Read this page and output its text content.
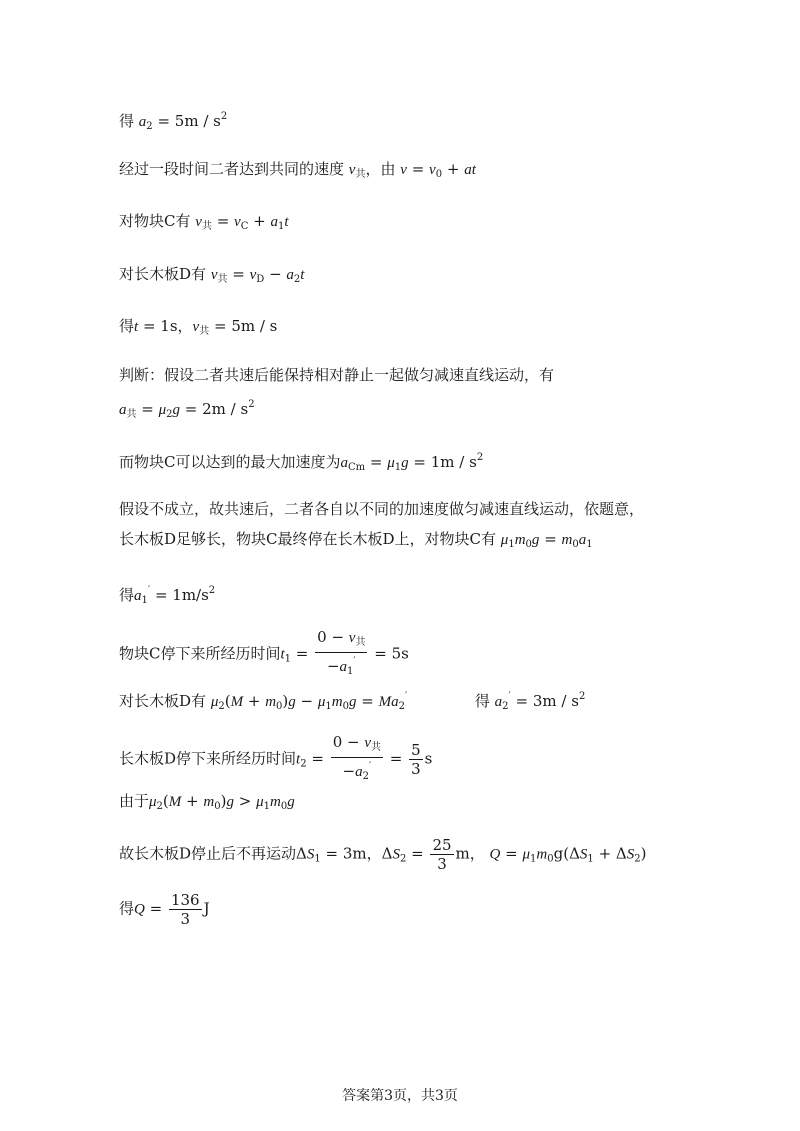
得 $a_2 = 5m / s^2$
经过一段时间二者达到共同的速度 $v_共$，由 $v = v_0$ + at
对物块C有 $v_共 = v_C + a_1t$
对长木板D有 $v_共 = v_D - a_2t$
得t = 1s，$v_共 = 5m / s$
判断：假设二者共速后能保持相对静止一起做匀减速直线运动，有
$a_共 = \mu_2g = 2m / s^2$
而物块C可以达到的最大加速度为$a_{Cm} = \mu_1g = 1m / s^2$
假设不成立，故共速后，二者各自以不同的加速度做匀减速直线运动，依题意，
长木板D足够长，物块C最终停在长木板D上，对物块C有 $\mu_1m_0g = m_0a_1$
得$a_1' = 1m/s^2$
物块C停下来所经历时间$t_1 = \frac{0 - v_共}{-a_1'} = 5s$
对长木板D有 $\mu_2(M + m_0)g - \mu_1m_0g = Ma_2'$	得 $a_2' = 3m / s^2$
长木板D停下来所经历时间$t_2 = \frac{0 - v_共}{-a_2'} = \frac{5}{3}$ s
由于$\mu_2(M + m_0)g > \mu_1m_0g$
故长木板D停止后不再运动$\Delta S_1 = 3m$，$\Delta S_2 = \frac{25}{3}$ m， $Q = \mu_1m_0g(\Delta S_1 + \Delta S_2)$
得$Q = \frac{136}{3}$ J
答案第3页，共3页
